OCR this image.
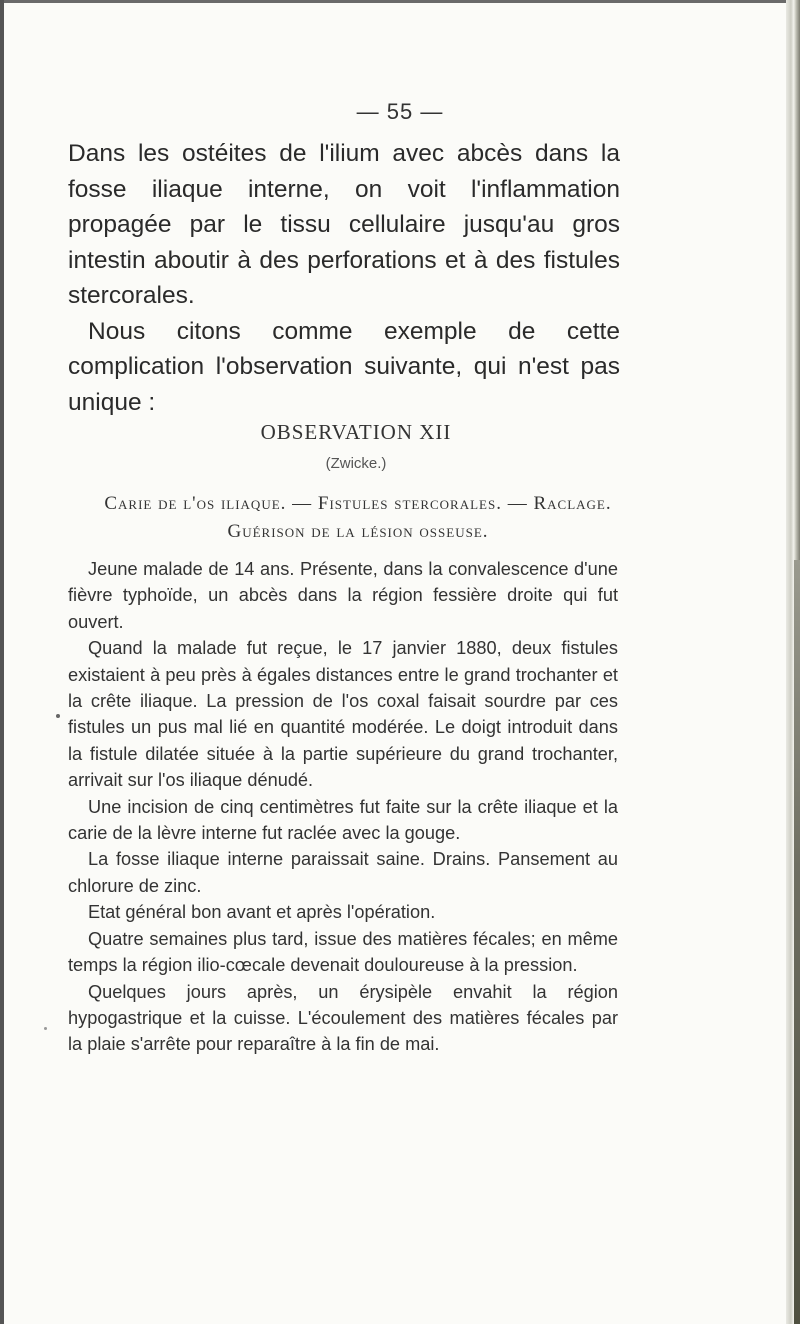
— 55 —

Dans les ostéites de l'ilium avec abcès dans la fosse iliaque interne, on voit l'inflammation propagée par le tissu cellulaire jusqu'au gros intestin aboutir à des perforations et à des fistules stercorales.

Nous citons comme exemple de cette complication l'observation suivante, qui n'est pas unique :

OBSERVATION XII
(Zwicke.)
Carie de l'os iliaque. — Fistules stercorales. — Raclage.
Guérison de la lésion osseuse.

Jeune malade de 14 ans. Présente, dans la convalescence d'une fièvre typhoïde, un abcès dans la région fessière droite qui fut ouvert.

Quand la malade fut reçue, le 17 janvier 1880, deux fistules existaient à peu près à égales distances entre le grand trochanter et la crête iliaque. La pression de l'os coxal faisait sourdre par ces fistules un pus mal lié en quantité modérée. Le doigt introduit dans la fistule dilatée située à la partie supérieure du grand trochanter, arrivait sur l'os iliaque dénudé.

Une incision de cinq centimètres fut faite sur la crête iliaque et la carie de la lèvre interne fut raclée avec la gouge.

La fosse iliaque interne paraissait saine. Drains. Pansement au chlorure de zinc.

Etat général bon avant et après l'opération.

Quatre semaines plus tard, issue des matières fécales; en même temps la région ilio-cœcale devenait douloureuse à la pression.

Quelques jours après, un érysipèle envahit la région hypogastrique et la cuisse. L'écoulement des matières fécales par la plaie s'arrête pour reparaître à la fin de mai.
